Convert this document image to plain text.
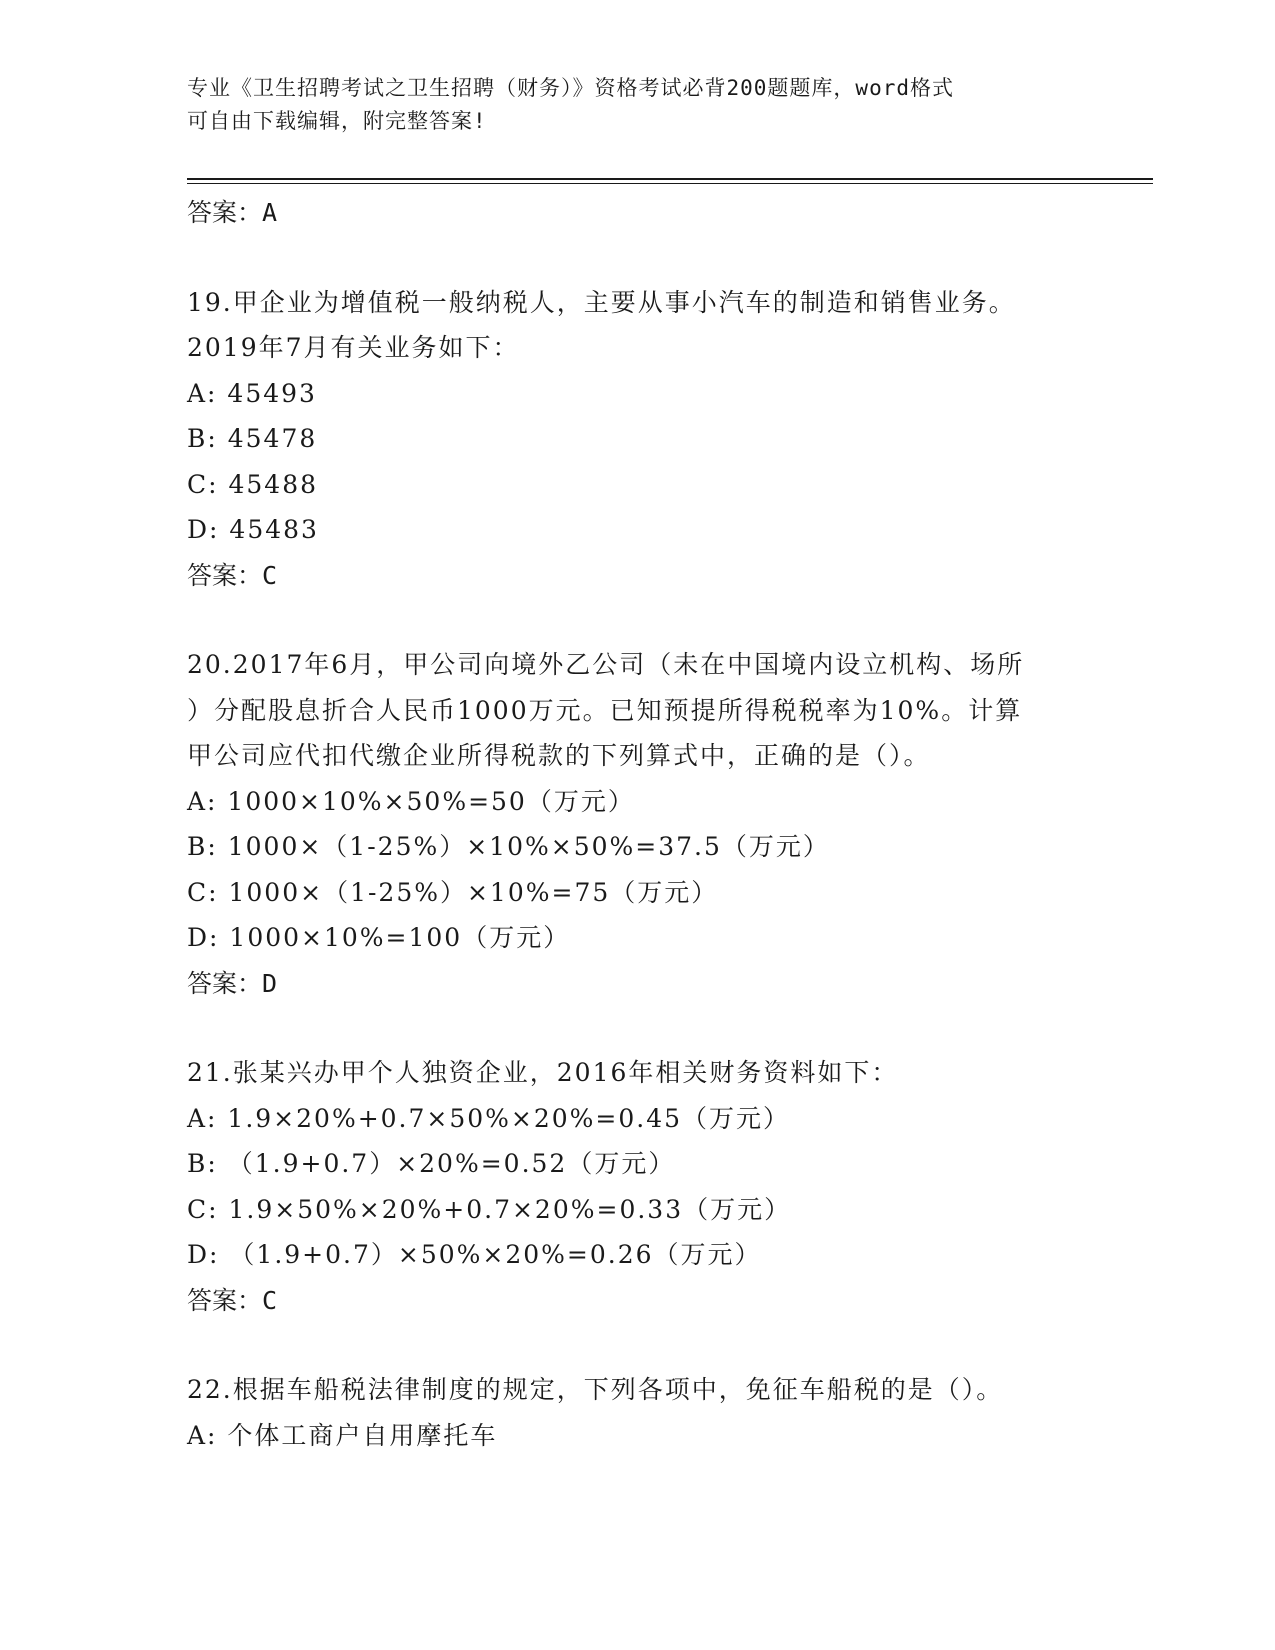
专业《卫生招聘考试之卫生招聘（财务）》资格考试必背200题题库，word格式
可自由下载编辑，附完整答案!
答案：A
19.甲企业为增值税一般纳税人，主要从事小汽车的制造和销售业务。
2019年7月有关业务如下：
A: 45493
B: 45478
C: 45488
D: 45483
答案：C
20.2017年6月，甲公司向境外乙公司（未在中国境内设立机构、场所
）分配股息折合人民币1000万元。已知预提所得税税率为10%。计算
甲公司应代扣代缴企业所得税款的下列算式中，正确的是（）。
A: 1000×10%×50%=50（万元）
B: 1000×（1-25%）×10%×50%=37.5（万元）
C: 1000×（1-25%）×10%=75（万元）
D: 1000×10%=100（万元）
答案：D
21.张某兴办甲个人独资企业，2016年相关财务资料如下：
A: 1.9×20%+0.7×50%×20%=0.45（万元）
B: （1.9+0.7）×20%=0.52（万元）
C: 1.9×50%×20%+0.7×20%=0.33（万元）
D: （1.9+0.7）×50%×20%=0.26（万元）
答案：C
22.根据车船税法律制度的规定，下列各项中，免征车船税的是（）。
A: 个体工商户自用摩托车
